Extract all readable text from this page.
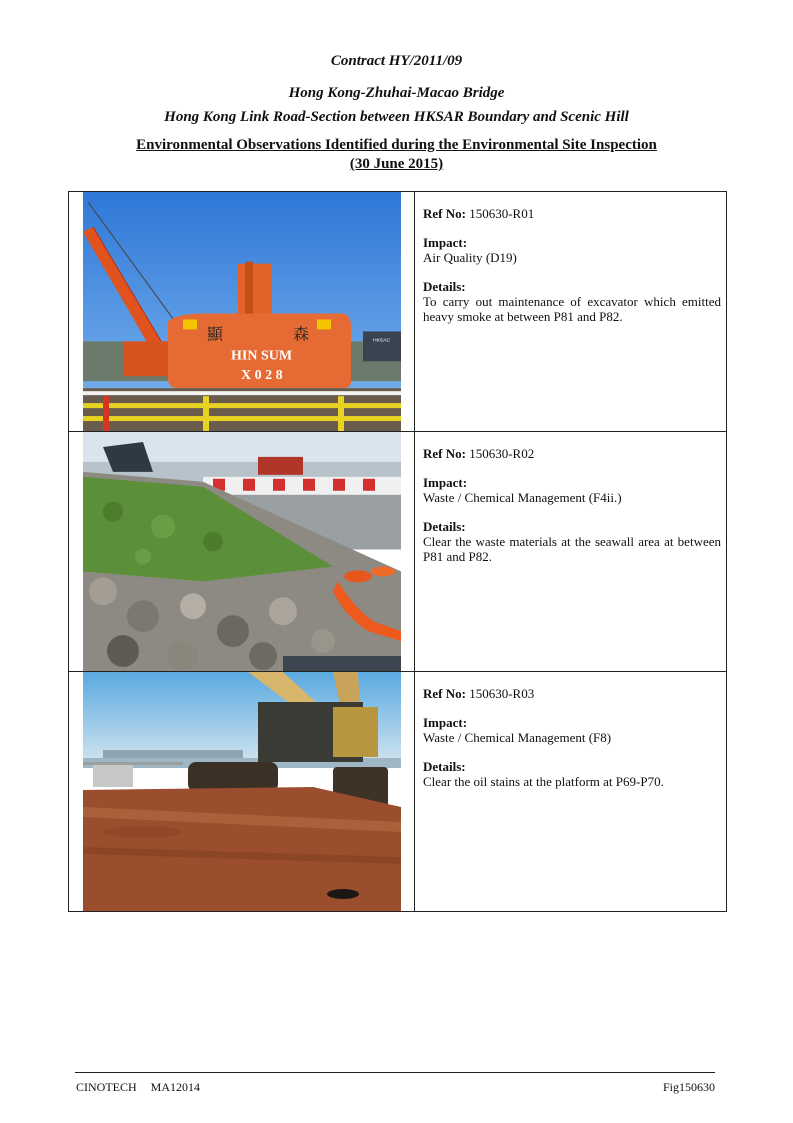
Contract HY/2011/09
Hong Kong-Zhuhai-Macao Bridge
Hong Kong Link Road-Section between HKSAR Boundary and Scenic Hill
Environmental Observations Identified during the Environmental Site Inspection
(30 June 2015)
HKSAC
顯	森
HIN SUM
X 0 2 8

Ref No: 150630-R01

Impact:

Air Quality (D19)

Details:

To carry out maintenance of excavator which emitted heavy smoke at between P81 and P82.

Ref No: 150630-R02

Impact:

Waste / Chemical Management (F4ii.)

Details:

Clear the waste materials at the seawall area at between P81 and P82.

Ref No: 150630-R03

Impact:

Waste / Chemical Management (F8)

Details:

Clear the oil stains at the platform at P69-P70.

CINOTECH MA12014	Fig150630
